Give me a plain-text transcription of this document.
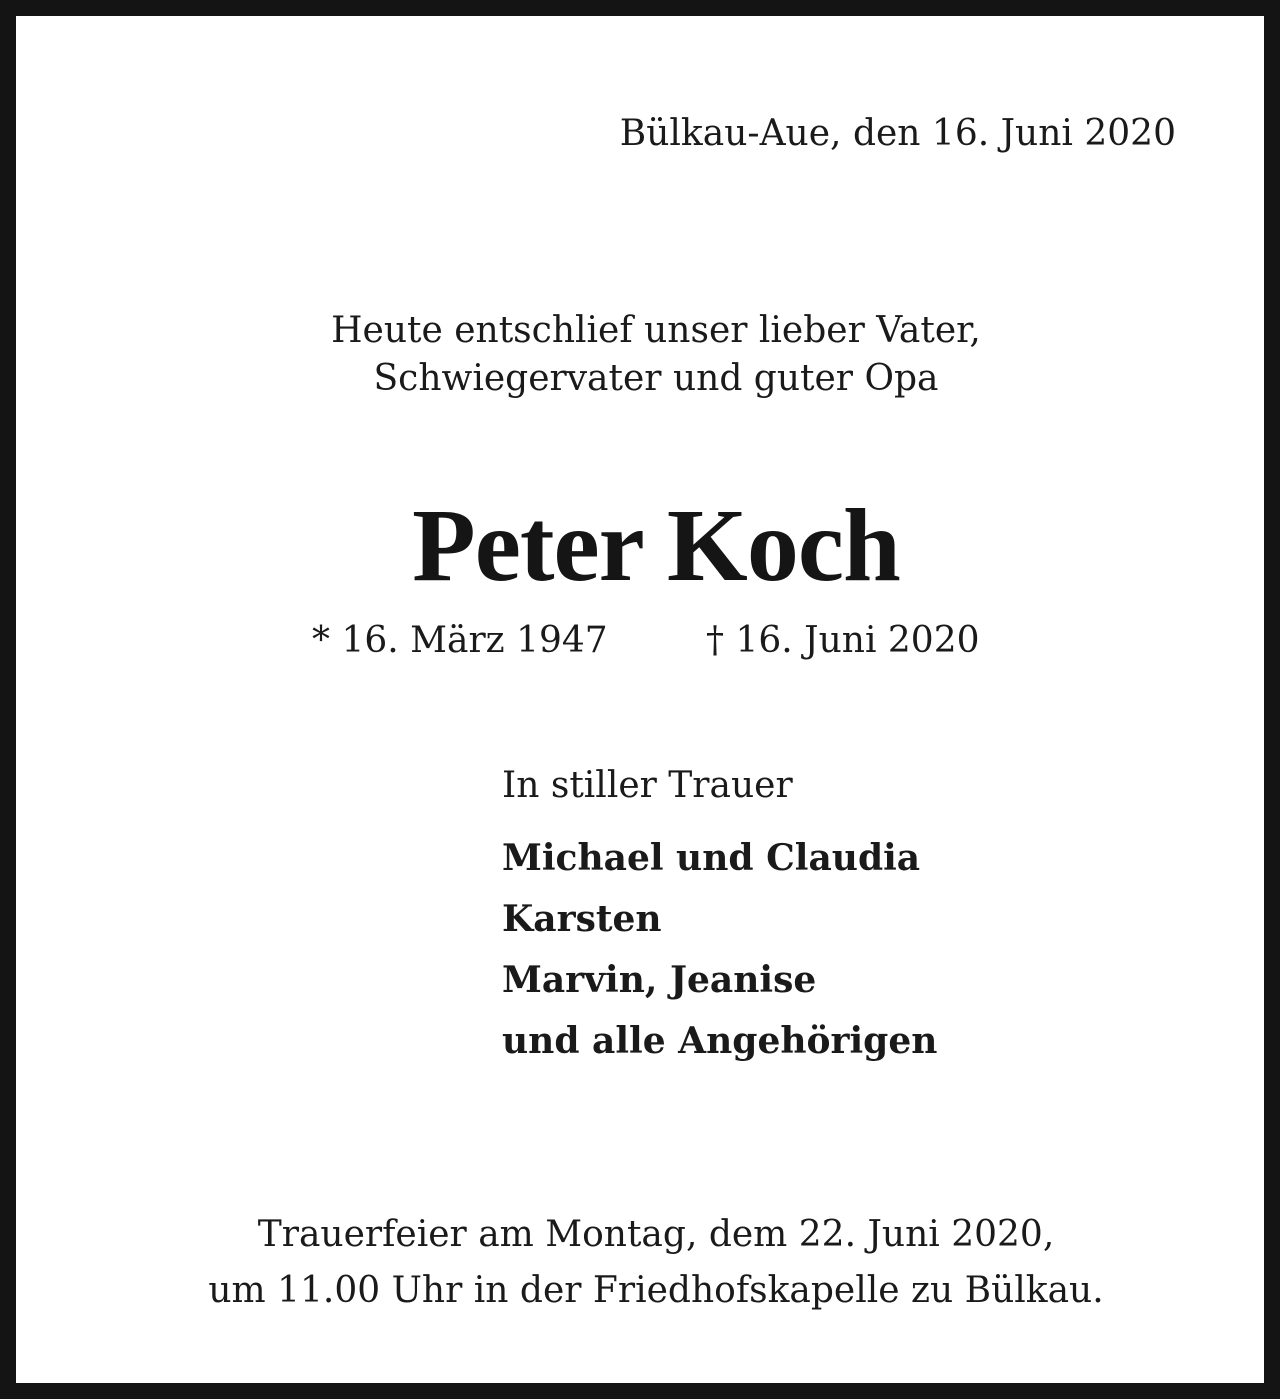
Bülkau-Aue, den 16. Juni 2020
Heute entschlief unser lieber Vater,
Schwiegervater und guter Opa
Peter Koch
* 16. März 1947	† 16. Juni 2020
In stiller Trauer
Michael und Claudia
Karsten
Marvin, Jeanise
und alle Angehörigen
Trauerfeier am Montag, dem 22. Juni 2020,
um 11.00 Uhr in der Friedhofskapelle zu Bülkau.
